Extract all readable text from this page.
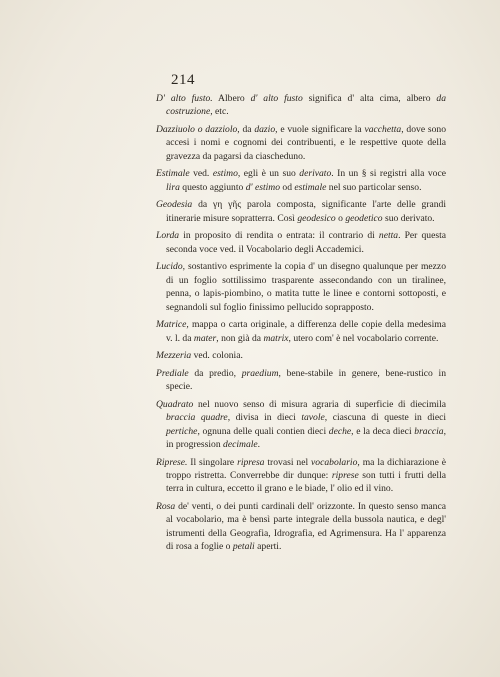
214

D' alto fusto. Albero d' alto fusto significa d' alta cima, albero da costruzione, etc.

Dazziuolo o dazziolo, da dazio, e vuole significare la vacchetta, dove sono accesi i nomi e cognomi dei contribuenti, e le respettive quote della gravezza da pagarsi da ciascheduno.

Estimale ved. estimo, egli è un suo derivato. In un § si registri alla voce lira questo aggiunto d' estimo od estimale nel suo particolar senso.

Geodesia da γη γῆς parola composta, significante l'arte delle grandi itinerarie misure sopratterra. Così geodesico o geodetico suo derivato.

Lorda in proposito di rendita o entrata: il contrario di netta. Per questa seconda voce ved. il Vocabolario degli Accademici.

Lucido, sostantivo esprimente la copia d' un disegno qualunque per mezzo di un foglio sottilissimo trasparente assecondando con un tiralinee, penna, o lapis-piombino, o matita tutte le linee e contorni sottoposti, e segnandoli sul foglio finissimo pellucido soprapposto.

Matrice, mappa o carta originale, a differenza delle copie della medesima v. l. da mater, non già da matrix, utero com' è nel vocabolario corrente.

Mezzeria ved. colonia.

Prediale da predio, praedium, bene-stabile in genere, bene-rustico in specie.

Quadrato nel nuovo senso di misura agraria di superficie di diecimila braccia quadre, divisa in dieci tavole, ciascuna di queste in dieci pertiche, ognuna delle quali contien dieci deche, e la deca dieci braccia, in progression decimale.

Riprese. Il singolare ripresa trovasi nel vocabolario, ma la dichiarazione è troppo ristretta. Converrebbe dir dunque: riprese son tutti i frutti della terra in cultura, eccetto il grano e le biade, l' olio ed il vino.

Rosa de' venti, o dei punti cardinali dell' orizzonte. In questo senso manca al vocabolario, ma è bensì parte integrale della bussola nautica, e degl' istrumenti della Geografia, Idrografia, ed Agrimensura. Ha l' apparenza di rosa a foglie o petali aperti.
